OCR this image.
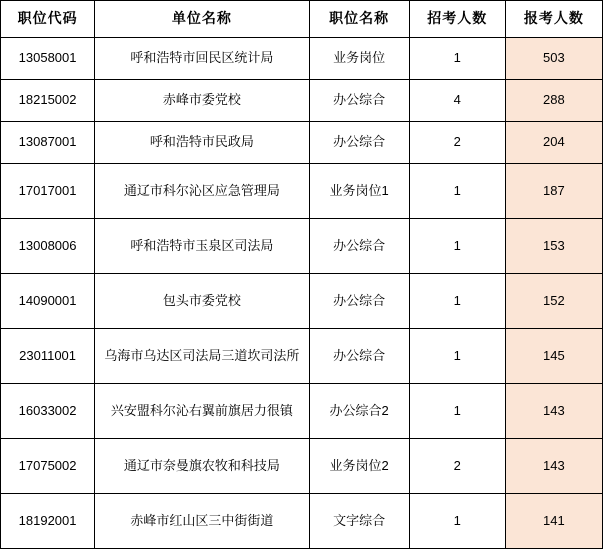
职位代码	单位名称	职位名称	招考人数	报考人数
13058001	呼和浩特市回民区统计局	业务岗位	1	503
18215002	赤峰市委党校	办公综合	4	288
13087001	呼和浩特市民政局	办公综合	2	204
17017001	通辽市科尔沁区应急管理局	业务岗位1	1	187
13008006	呼和浩特市玉泉区司法局	办公综合	1	153
14090001	包头市委党校	办公综合	1	152
23011001	乌海市乌达区司法局三道坎司法所	办公综合	1	145
16033002	兴安盟科尔沁右翼前旗居力很镇	办公综合2	1	143
17075002	通辽市奈曼旗农牧和科技局	业务岗位2	2	143
18192001	赤峰市红山区三中街街道	文字综合	1	141
